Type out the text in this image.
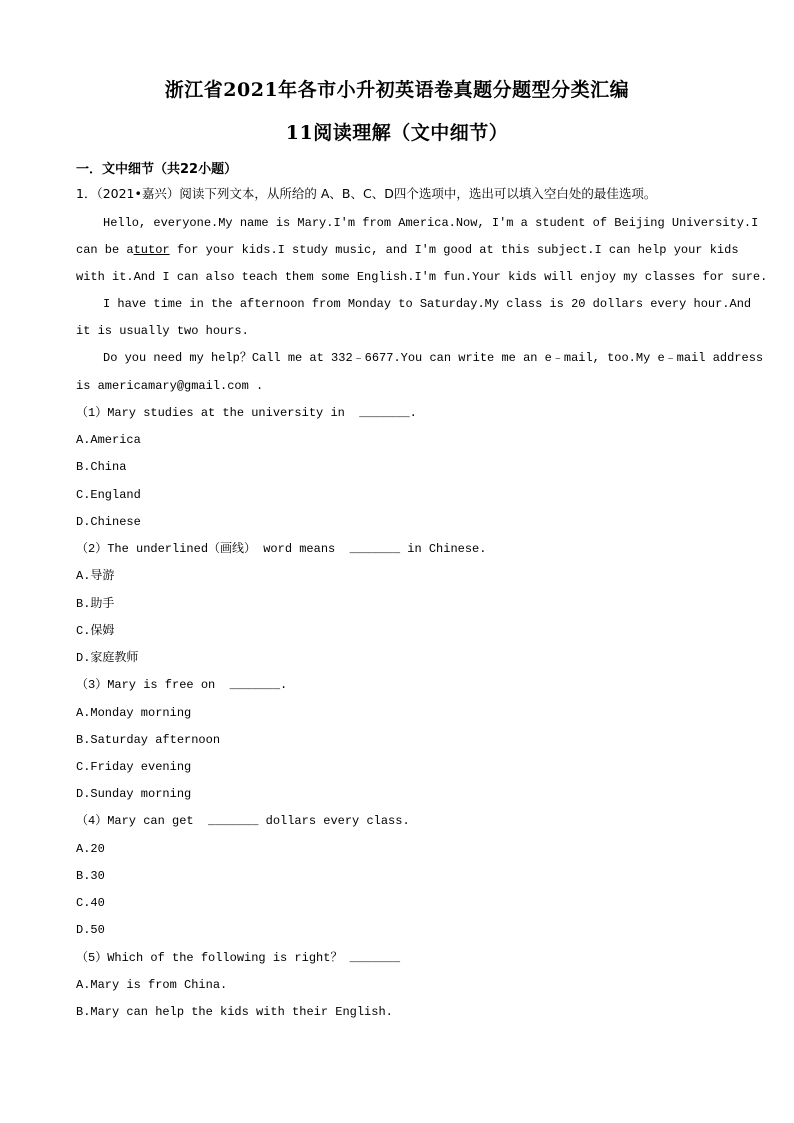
浙江省2021年各市小升初英语卷真题分题型分类汇编
11阅读理解（文中细节）
一．文中细节（共22小题）
1．（2021•嘉兴）阅读下列文本，从所给的 A、B、C、D四个选项中，选出可以填入空白处的最佳选项。
Hello, everyone.My name is Mary.I'm from America.Now, I'm a student of Beijing University.I
can be atutor for your kids.I study music, and I'm good at this subject.I can help your kids
with it.And I can also teach them some English.I'm fun.Your kids will enjoy my classes for sure.
I have time in the afternoon from Monday to Saturday.My class is 20 dollars every hour.And
it is usually two hours.
Do you need my help？Call me at 332﹣6677.You can write me an e﹣mail, too.My e﹣mail address
is americamary@gmail.com .
（1）Mary studies at the university in  _______.
A.America
B.China
C.England
D.Chinese
（2）The underlined（画线） word means  _______ in Chinese.
A.导游
B.助手
C.保姆
D.家庭教师
（3）Mary is free on  _______.
A.Monday morning
B.Saturday afternoon
C.Friday evening
D.Sunday morning
（4）Mary can get  _______ dollars every class.
A.20
B.30
C.40
D.50
（5）Which of the following is right？ _______
A.Mary is from China.
B.Mary can help the kids with their English.
